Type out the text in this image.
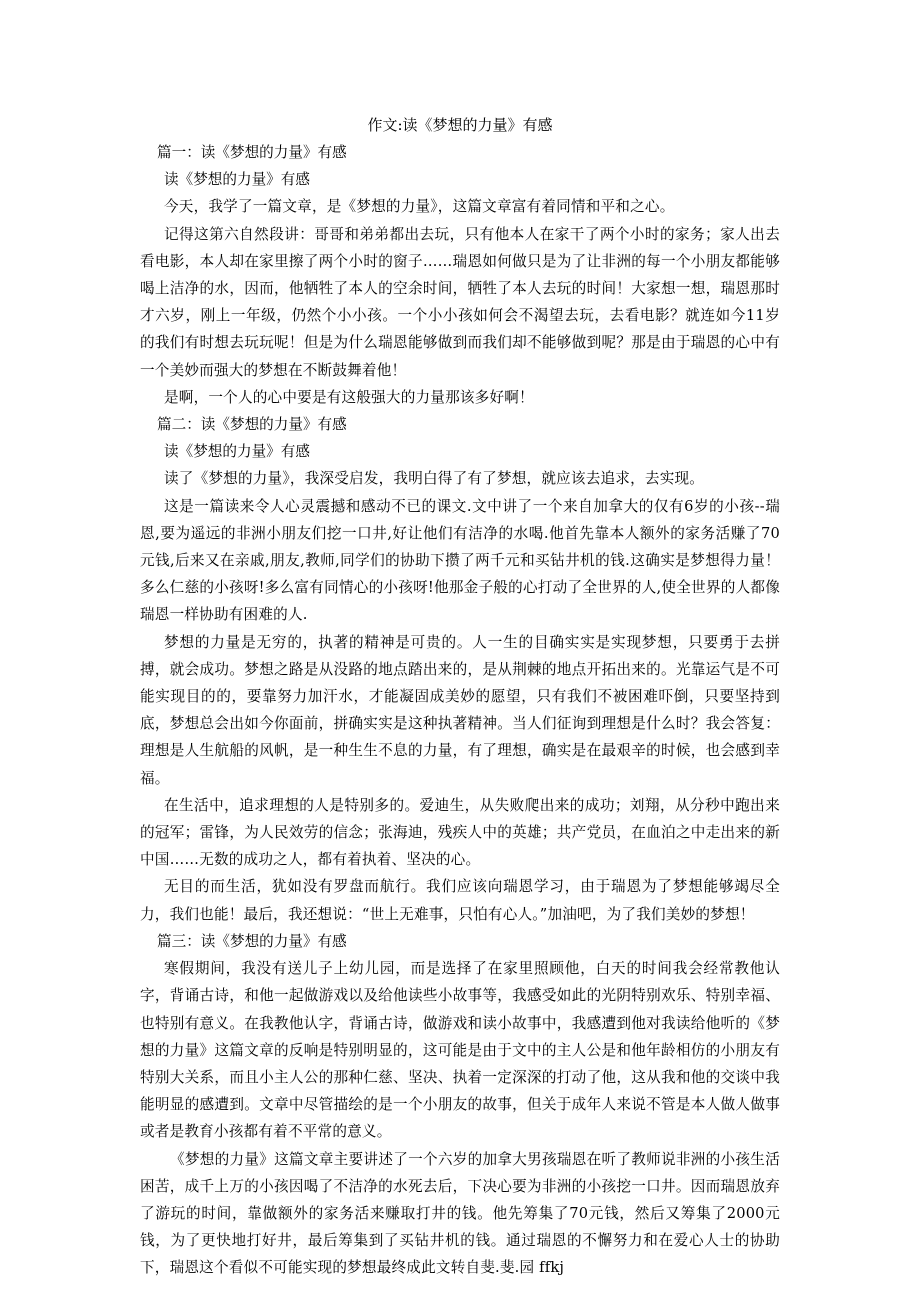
作文:读《梦想的力量》有感

篇一：读《梦想的力量》有感

读《梦想的力量》有感

今天，我学了一篇文章，是《梦想的力量》，这篇文章富有着同情和平和之心。

记得这第六自然段讲：哥哥和弟弟都出去玩，只有他本人在家干了两个小时的家务；家人出去看电影，本人却在家里擦了两个小时的窗子……瑞恩如何做只是为了让非洲的每一个小朋友都能够喝上洁净的水，因而，他牺牲了本人的空余时间，牺牲了本人去玩的时间！大家想一想，瑞恩那时才六岁，刚上一年级，仍然个小小孩。一个小小孩如何会不渴望去玩，去看电影？就连如今11岁的我们有时想去玩玩呢！但是为什么瑞恩能够做到而我们却不能够做到呢？那是由于瑞恩的心中有一个美妙而强大的梦想在不断鼓舞着他！

是啊，一个人的心中要是有这般强大的力量那该多好啊！

篇二：读《梦想的力量》有感

读《梦想的力量》有感

读了《梦想的力量》，我深受启发，我明白得了有了梦想，就应该去追求，去实现。

这是一篇读来令人心灵震撼和感动不已的课文.文中讲了一个来自加拿大的仅有6岁的小孩--瑞恩,要为遥远的非洲小朋友们挖一口井,好让他们有洁净的水喝.他首先靠本人额外的家务活赚了70元钱,后来又在亲戚,朋友,教师,同学们的协助下攒了两千元和买钻井机的钱.这确实是梦想得力量！多么仁慈的小孩呀!多么富有同情心的小孩呀!他那金子般的心打动了全世界的人,使全世界的人都像瑞恩一样协助有困难的人.

梦想的力量是无穷的，执著的精神是可贵的。人一生的目确实实是实现梦想，只要勇于去拼搏，就会成功。梦想之路是从没路的地点踏出来的，是从荆棘的地点开拓出来的。光靠运气是不可能实现目的的，要靠努力加汗水，才能凝固成美妙的愿望，只有我们不被困难吓倒，只要坚持到底，梦想总会出如今你面前，拼确实实是这种执著精神。当人们征询到理想是什么时？我会答复：理想是人生航船的风帆，是一种生生不息的力量，有了理想，确实是在最艰辛的时候，也会感到幸福。

在生活中，追求理想的人是特别多的。爱迪生，从失败爬出来的成功；刘翔，从分秒中跑出来的冠军；雷锋，为人民效劳的信念；张海迪，残疾人中的英雄；共产党员，在血泊之中走出来的新中国……无数的成功之人，都有着执着、坚决的心。

无目的而生活，犹如没有罗盘而航行。我们应该向瑞恩学习，由于瑞恩为了梦想能够竭尽全力，我们也能！最后，我还想说：“世上无难事，只怕有心人。”加油吧，为了我们美妙的梦想！

篇三：读《梦想的力量》有感

寒假期间，我没有送儿子上幼儿园，而是选择了在家里照顾他，白天的时间我会经常教他认字，背诵古诗，和他一起做游戏以及给他读些小故事等，我感受如此的光阴特别欢乐、特别幸福、也特别有意义。在我教他认字，背诵古诗，做游戏和读小故事中，我感遭到他对我读给他听的《梦想的力量》这篇文章的反响是特别明显的，这可能是由于文中的主人公是和他年龄相仿的小朋友有特别大关系，而且小主人公的那种仁慈、坚决、执着一定深深的打动了他，这从我和他的交谈中我能明显的感遭到。文章中尽管描绘的是一个小朋友的故事，但关于成年人来说不管是本人做人做事或者是教育小孩都有着不平常的意义。

《梦想的力量》这篇文章主要讲述了一个六岁的加拿大男孩瑞恩在听了教师说非洲的小孩生活困苦，成千上万的小孩因喝了不洁净的水死去后，下决心要为非洲的小孩挖一口井。因而瑞恩放弃了游玩的时间，靠做额外的家务活来赚取打井的钱。他先筹集了70元钱，然后又筹集了2000元钱，为了更快地打好井，最后筹集到了买钻井机的钱。通过瑞恩的不懈努力和在爱心人士的协助下，瑞恩这个看似不可能实现的梦想最终成此文转自斐.斐.园 ffkj
